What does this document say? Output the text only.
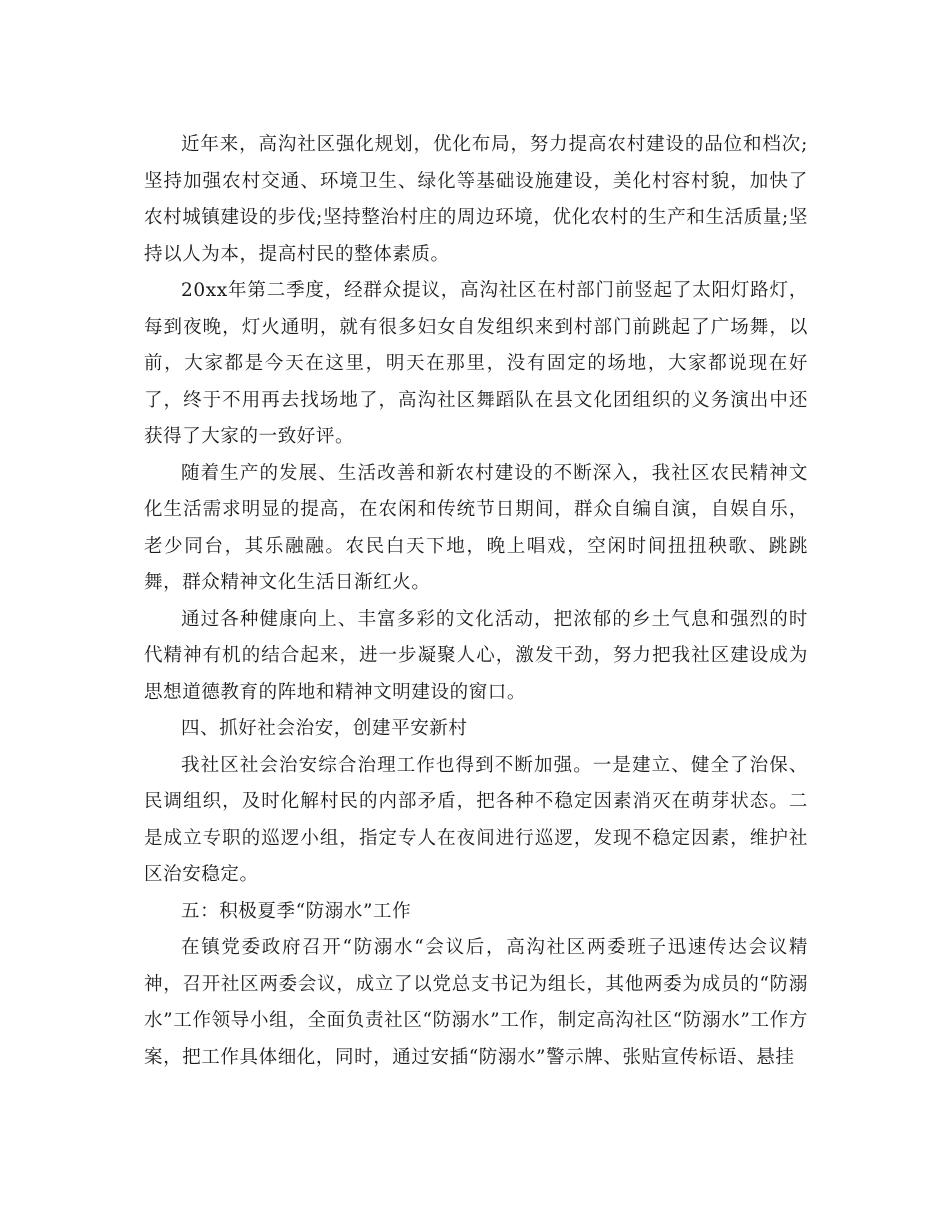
近年来，高沟社区强化规划，优化布局，努力提高农村建设的品位和档次;坚持加强农村交通、环境卫生、绿化等基础设施建设，美化村容村貌，加快了农村城镇建设的步伐;坚持整治村庄的周边环境，优化农村的生产和生活质量;坚持以人为本，提高村民的整体素质。

20xx年第二季度，经群众提议，高沟社区在村部门前竖起了太阳灯路灯，每到夜晚，灯火通明，就有很多妇女自发组织来到村部门前跳起了广场舞，以前，大家都是今天在这里，明天在那里，没有固定的场地，大家都说现在好了，终于不用再去找场地了，高沟社区舞蹈队在县文化团组织的义务演出中还获得了大家的一致好评。

随着生产的发展、生活改善和新农村建设的不断深入，我社区农民精神文化生活需求明显的提高，在农闲和传统节日期间，群众自编自演，自娱自乐，老少同台，其乐融融。农民白天下地，晚上唱戏，空闲时间扭扭秧歌、跳跳舞，群众精神文化生活日渐红火。

通过各种健康向上、丰富多彩的文化活动，把浓郁的乡土气息和强烈的时代精神有机的结合起来，进一步凝聚人心，激发干劲，努力把我社区建设成为思想道德教育的阵地和精神文明建设的窗口。

四、抓好社会治安，创建平安新村

我社区社会治安综合治理工作也得到不断加强。一是建立、健全了治保、民调组织，及时化解村民的内部矛盾，把各种不稳定因素消灭在萌芽状态。二是成立专职的巡逻小组，指定专人在夜间进行巡逻，发现不稳定因素，维护社区治安稳定。

五：积极夏季“防溺水”工作

在镇党委政府召开“防溺水“会议后，高沟社区两委班子迅速传达会议精神，召开社区两委会议，成立了以党总支书记为组长，其他两委为成员的“防溺水”工作领导小组，全面负责社区“防溺水”工作，制定高沟社区“防溺水”工作方案，把工作具体细化，同时，通过安插“防溺水”警示牌、张贴宣传标语、悬挂
